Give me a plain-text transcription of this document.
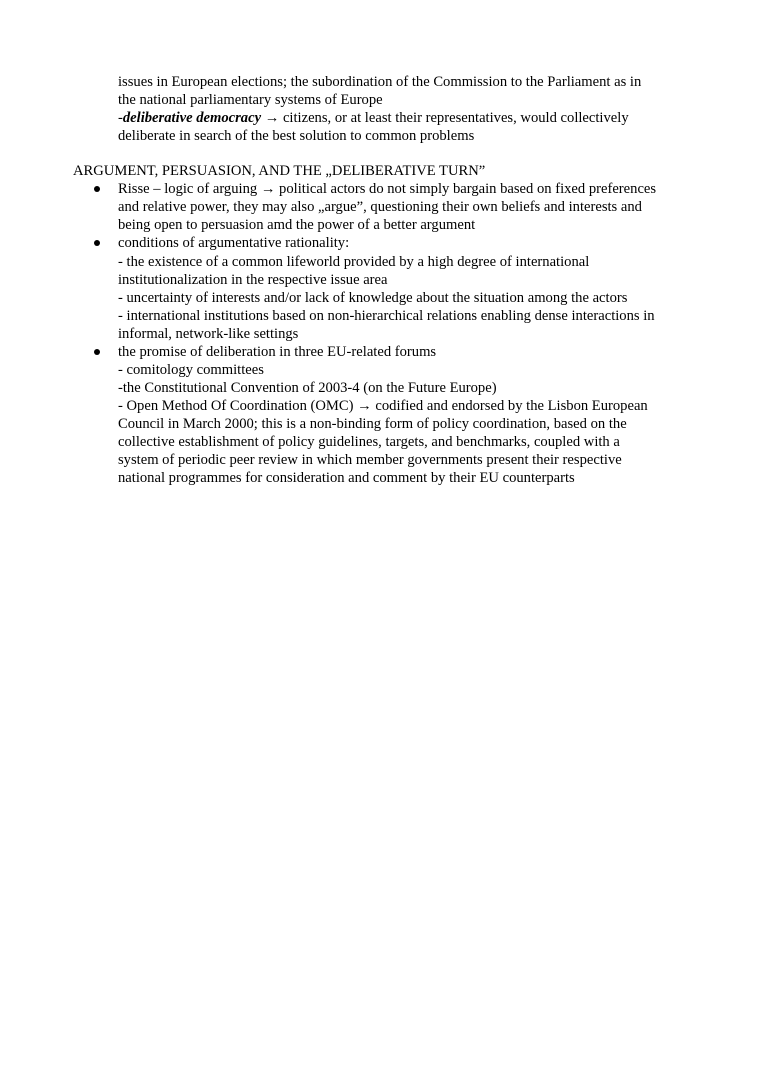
issues in European elections; the subordination of the Commission to the Parliament as in
the national parliamentary systems of Europe
-deliberative democracy → citizens, or at least their representatives, would collectively
deliberate in search of the best solution to common problems
ARGUMENT, PERSUASION, AND THE „DELIBERATIVE TURN”
Risse – logic of arguing → political actors do not simply bargain based on fixed preferences
and relative power, they may also „argue”, questioning their own beliefs and interests and
being open to persuasion amd the power of a better argument
conditions of argumentative rationality:
- the existence of a common lifeworld provided by a high degree of international
institutionalization in the respective issue area
- uncertainty of interests and/or lack of knowledge about the situation among the actors
- international institutions based on non-hierarchical relations enabling dense interactions in
informal, network-like settings
the promise of deliberation in three EU-related forums
- comitology committees
-the Constitutional Convention of 2003-4 (on the Future Europe)
- Open Method Of Coordination (OMC) → codified and endorsed by the Lisbon European
Council in March 2000; this is a non-binding form of policy coordination, based on the
collective establishment of policy guidelines, targets, and benchmarks, coupled with a
system of periodic peer review in which member governments present their respective
national programmes for consideration and comment by their EU counterparts
